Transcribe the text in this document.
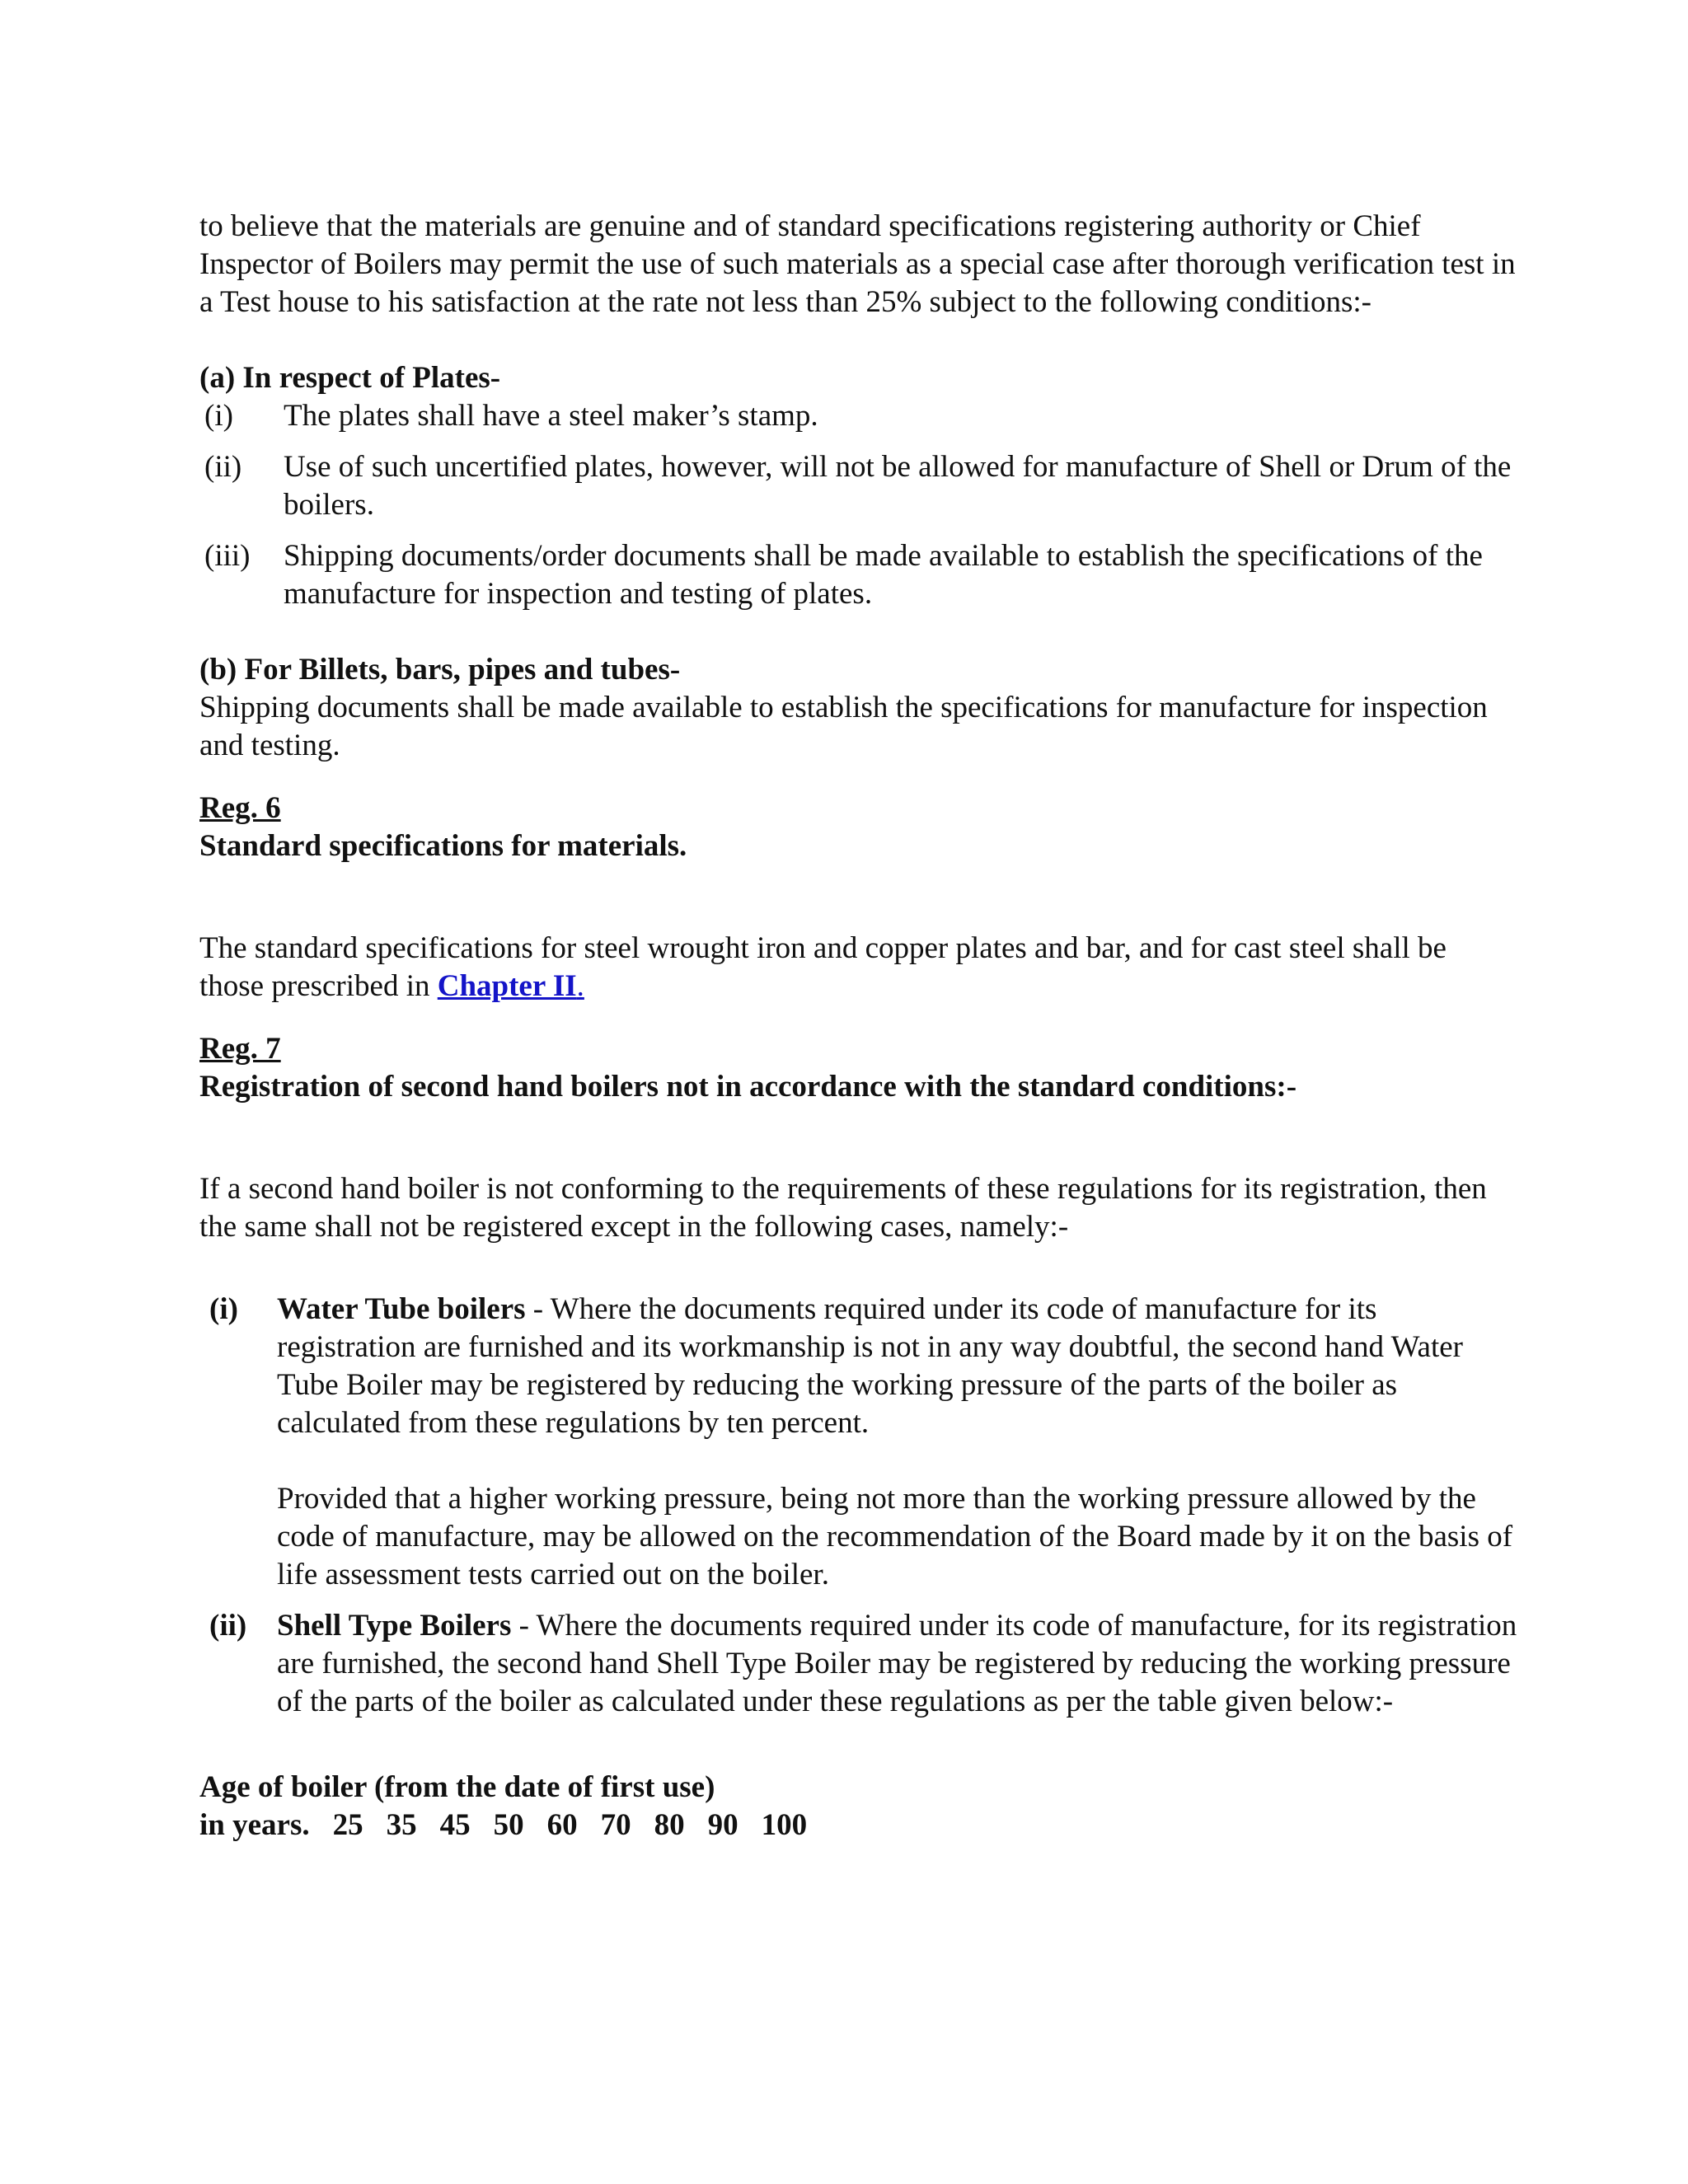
to believe that the materials are genuine and of standard specifications registering authority or Chief Inspector of Boilers may permit the use of such materials as a special case after thorough verification test in a Test house to his satisfaction at the rate not less than 25% subject to the following conditions:-

(a) In respect of Plates-

(i)	The plates shall have a steel maker’s stamp.
(ii)	Use of such uncertified plates, however, will not be allowed for manufacture of Shell or Drum of the boilers.
(iii)	Shipping documents/order documents shall be made available to establish the specifications of the manufacture for inspection and testing of plates.

(b) For Billets, bars, pipes and tubes-

Shipping documents shall be made available to establish the specifications for manufacture for inspection and testing.

Reg. 6

Standard specifications for materials.

The standard specifications for steel wrought iron and copper plates and bar, and for cast steel shall be those prescribed in Chapter II.

Reg. 7

Registration of second hand boilers not in accordance with the standard conditions:-

If a second hand boiler is not conforming to the requirements of these regulations for its registration, then the same shall not be registered except in the following cases, namely:-

(i)	Water Tube boilers - Where the documents required under its code of manufacture for its registration are furnished and its workmanship is not in any way doubtful, the second hand Water Tube Boiler may be registered by reducing the working pressure of the parts of the boiler as calculated from these regulations by ten percent.

Provided that a higher working pressure, being not more than the working pressure allowed by the code of manufacture, may be allowed on the recommendation of the Board made by it on the basis of life assessment tests carried out on the boiler.

(ii) Shell Type Boilers - Where the documents required under its code of manufacture, for its registration are furnished, the second hand Shell Type Boiler may be registered by reducing the working pressure of the parts of the boiler as calculated under these regulations as per the table given below:-

Age of boiler (from the date of first use)

in years. 25 35 45 50 60 70 80 90 100
